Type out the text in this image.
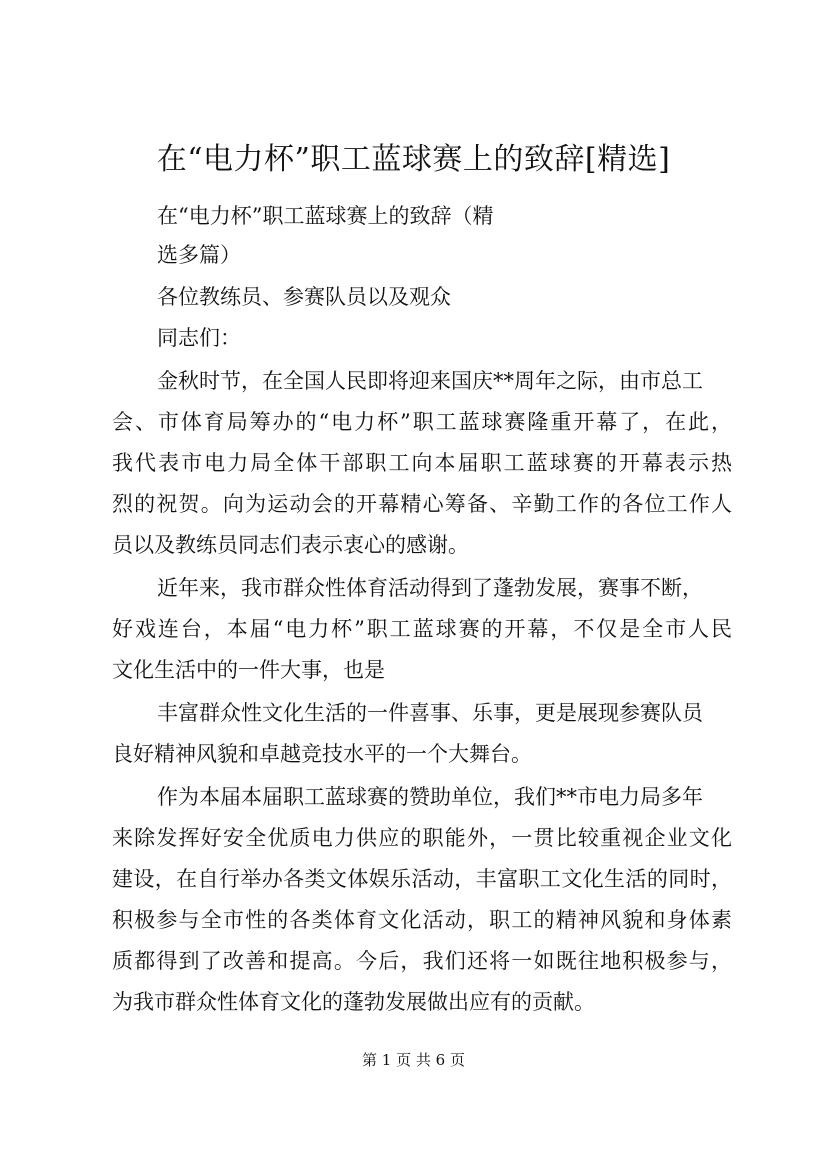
在“电力杯”职工蓝球赛上的致辞[精选]

在“电力杯”职工蓝球赛上的致辞（精

选多篇）

各位教练员、参赛队员以及观众

同志们：

金秋时节，在全国人民即将迎来国庆**周年之际，由市总工

会、市体育局筹办的“电力杯”职工蓝球赛隆重开幕了，在此，

我代表市电力局全体干部职工向本届职工蓝球赛的开幕表示热

烈的祝贺。向为运动会的开幕精心筹备、辛勤工作的各位工作人

员以及教练员同志们表示衷心的感谢。

近年来，我市群众性体育活动得到了蓬勃发展，赛事不断，

好戏连台，本届“电力杯”职工蓝球赛的开幕，不仅是全市人民

文化生活中的一件大事，也是

丰富群众性文化生活的一件喜事、乐事，更是展现参赛队员

良好精神风貌和卓越竞技水平的一个大舞台。

作为本届本届职工蓝球赛的赞助单位，我们**市电力局多年

来除发挥好安全优质电力供应的职能外，一贯比较重视企业文化

建设，在自行举办各类文体娱乐活动，丰富职工文化生活的同时，

积极参与全市性的各类体育文化活动，职工的精神风貌和身体素

质都得到了改善和提高。今后，我们还将一如既往地积极参与，

为我市群众性体育文化的蓬勃发展做出应有的贡献。

第 1 页 共 6 页
